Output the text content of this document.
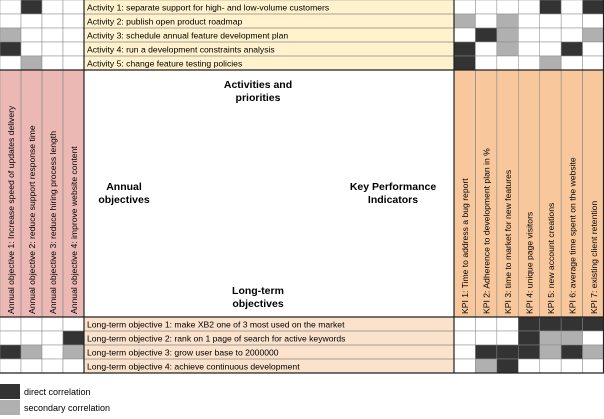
Activity 1: separate support for high- and low-volume customers
Activity 2: publish open product roadmap
Activity 3: schedule annual feature development plan
Activity 4: run a development constraints analysis
Activity 5: change feature testing policies
Long-term objective 1: make XB2 one of 3 most used on the market
Long-term objective 2: rank on 1 page of search for active keywords
Long-term objective 3: grow user base to 2000000
Long-term objective 4: achieve continuous development
Annual objective 1: Increase speed of updates delivery Annual objective 2: reduce support response time Annual objective 3: reduce hiring process length Annual objective 4: improve website content	KPI 1: Time to address a bug report KPI 2: Adherence to development plan in % KPI 3: time to market for new features KPI 4: unique page visitors KPI 5: new account creations KPI 6: average time spent on the website KPI 7: existing client retention
Activities and priorities
Annual objectives
Key Performance Indicators
Long-term objectives
direct correlation
secondary correlation
